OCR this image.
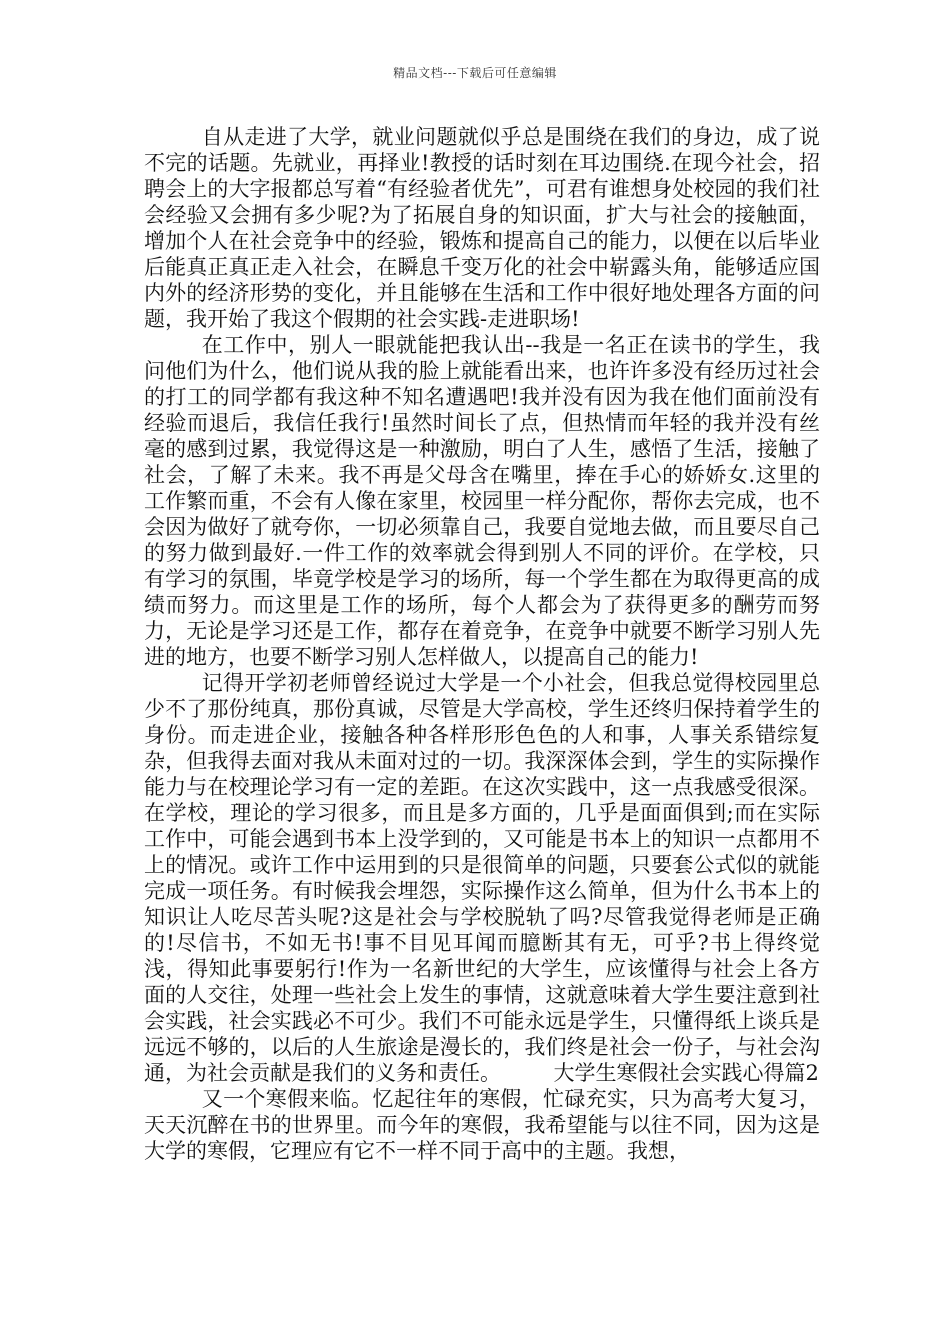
精品文档---下载后可任意编辑

自从走进了大学，就业问题就似乎总是围绕在我们的身边，成了说不完的话题。先就业，再择业!教授的话时刻在耳边围绕.在现今社会，招聘会上的大字报都总写着“有经验者优先”，可君有谁想身处校园的我们社会经验又会拥有多少呢?为了拓展自身的知识面，扩大与社会的接触面，增加个人在社会竞争中的经验，锻炼和提高自己的能力，以便在以后毕业后能真正真正走入社会，在瞬息千变万化的社会中崭露头角，能够适应国内外的经济形势的变化，并且能够在生活和工作中很好地处理各方面的问题，我开始了我这个假期的社会实践-走进职场!

在工作中，别人一眼就能把我认出--我是一名正在读书的学生，我问他们为什么，他们说从我的脸上就能看出来，也许许多没有经历过社会的打工的同学都有我这种不知名遭遇吧!我并没有因为我在他们面前没有经验而退后，我信任我行!虽然时间长了点，但热情而年轻的我并没有丝毫的感到过累，我觉得这是一种激励，明白了人生，感悟了生活，接触了社会，了解了未来。我不再是父母含在嘴里，捧在手心的娇娇女.这里的工作繁而重，不会有人像在家里，校园里一样分配你，帮你去完成，也不会因为做好了就夸你，一切必须靠自己，我要自觉地去做，而且要尽自己的努力做到最好.一件工作的效率就会得到别人不同的评价。在学校，只有学习的氛围，毕竟学校是学习的场所，每一个学生都在为取得更高的成绩而努力。而这里是工作的场所，每个人都会为了获得更多的酬劳而努力，无论是学习还是工作，都存在着竞争，在竞争中就要不断学习别人先进的地方，也要不断学习别人怎样做人，以提高自己的能力!

记得开学初老师曾经说过大学是一个小社会，但我总觉得校园里总少不了那份纯真，那份真诚，尽管是大学高校，学生还终归保持着学生的身份。而走进企业，接触各种各样形形色色的人和事，人事关系错综复杂，但我得去面对我从未面对过的一切。我深深体会到，学生的实际操作能力与在校理论学习有一定的差距。在这次实践中，这一点我感受很深。在学校，理论的学习很多，而且是多方面的，几乎是面面俱到;而在实际工作中，可能会遇到书本上没学到的，又可能是书本上的知识一点都用不上的情况。或许工作中运用到的只是很简单的问题，只要套公式似的就能完成一项任务。有时候我会埋怨，实际操作这么简单，但为什么书本上的知识让人吃尽苦头呢?这是社会与学校脱轨了吗?尽管我觉得老师是正确的!尽信书，不如无书!事不目见耳闻而臆断其有无，可乎?书上得终觉浅，得知此事要躬行!作为一名新世纪的大学生，应该懂得与社会上各方面的人交往，处理一些社会上发生的事情，这就意味着大学生要注意到社会实践，社会实践必不可少。我们不可能永远是学生，只懂得纸上谈兵是远远不够的，以后的人生旅途是漫长的，我们终是社会一份子，与社会沟通，为社会贡献是我们的义务和责任。　　　大学生寒假社会实践心得篇2

又一个寒假来临。忆起往年的寒假，忙碌充实，只为高考大复习，天天沉醉在书的世界里。而今年的寒假，我希望能与以往不同，因为这是大学的寒假，它理应有它不一样不同于高中的主题。我想，
